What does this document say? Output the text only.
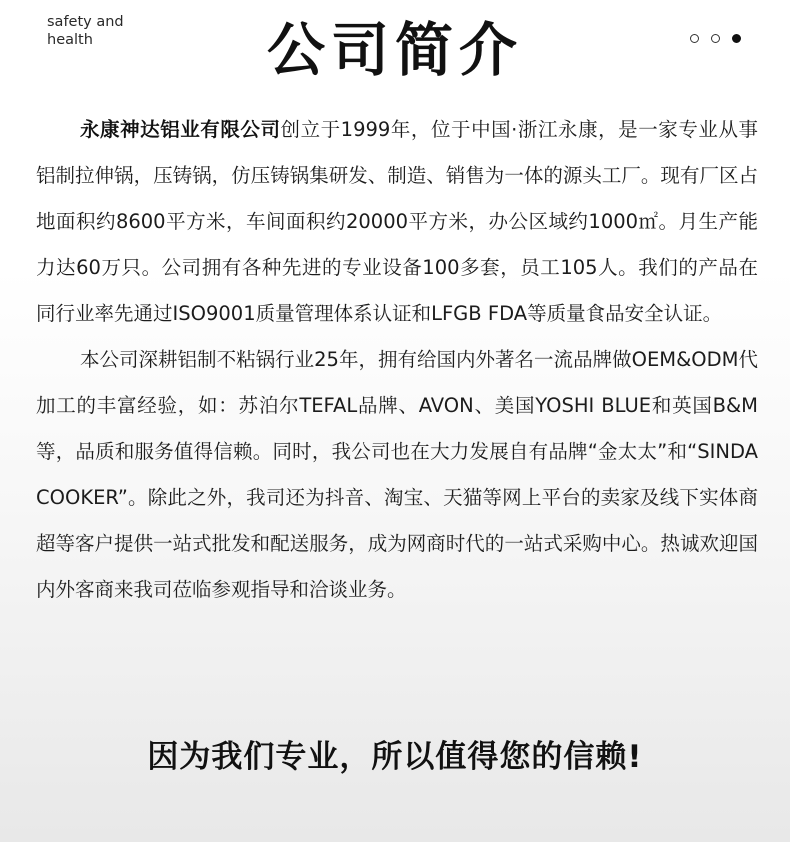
safety and
health	公司简介

永康神达铝业有限公司创立于1999年，位于中国·浙江永康，是一家专业从事铝制拉伸锅，压铸锅，仿压铸锅集研发、制造、销售为一体的源头工厂。现有厂区占地面积约8600平方米，车间面积约20000平方米，办公区域约1000㎡。月生产能力达60万只。公司拥有各种先进的专业设备100多套，员工105人。我们的产品在同行业率先通过ISO9001质量管理体系认证和LFGB FDA等质量食品安全认证。

本公司深耕铝制不粘锅行业25年，拥有给国内外著名一流品牌做OEM&ODM代加工的丰富经验，如：苏泊尔TEFAL品牌、AVON、美国YOSHI BLUE和英国B&M等，品质和服务值得信赖。同时，我公司也在大力发展自有品牌“金太太”和“SINDA COOKER”。除此之外，我司还为抖音、淘宝、天猫等网上平台的卖家及线下实体商超等客户提供一站式批发和配送服务，成为网商时代的一站式采购中心。热诚欢迎国内外客商来我司莅临参观指导和洽谈业务。

因为我们专业，所以值得您的信赖!
